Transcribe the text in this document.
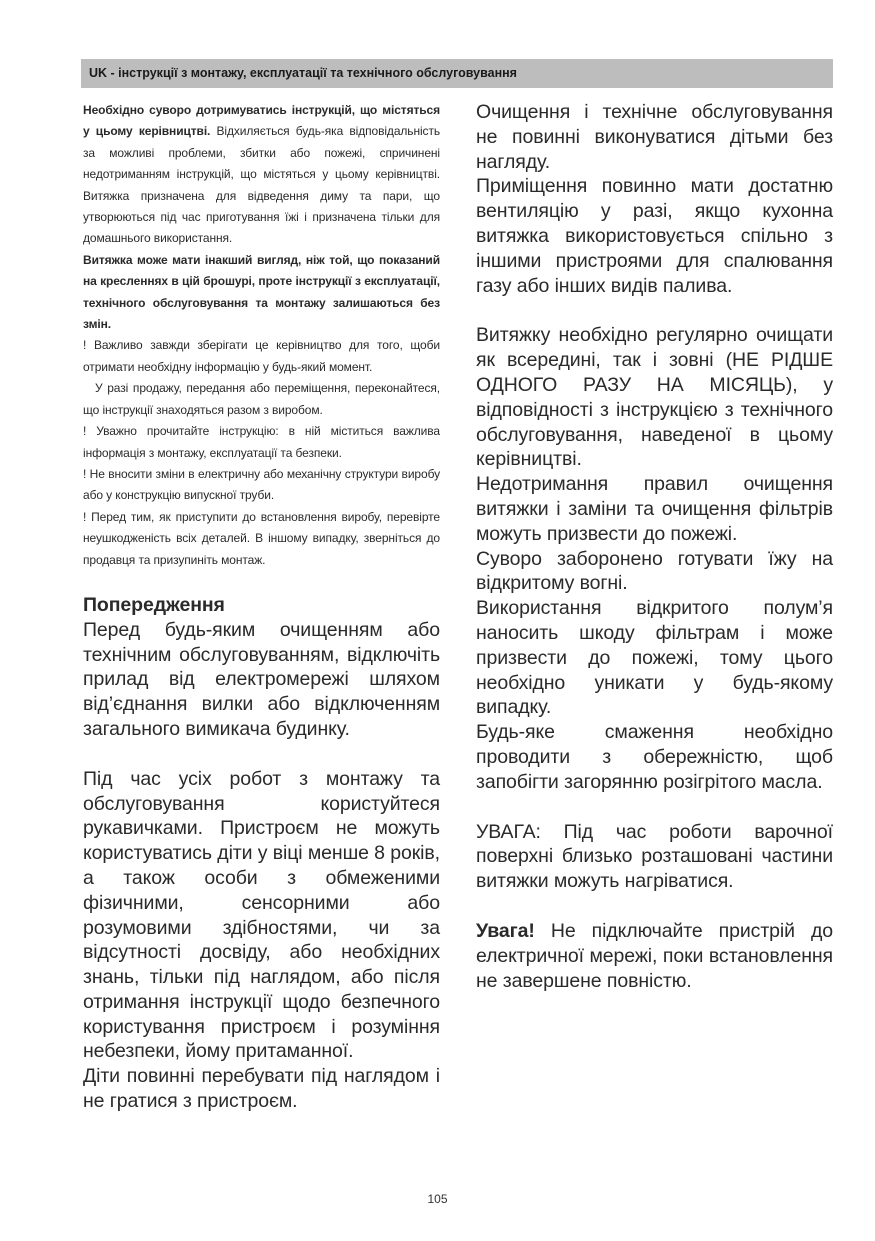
UK - інструкції з монтажу, експлуатації та технічного обслуговування

Необхідно суворо дотримуватись інструкцій, що містяться у цьому керівництві. Відхиляється будь-яка відповідальність за можливі проблеми, збитки або пожежі, спричинені недотриманням інструкцій, що містяться у цьому керівництві. Витяжка призначена для відведення диму та пари, що утворюються під час приготування їжі і призначена тільки для домашнього використання.

Витяжка може мати інакший вигляд, ніж той, що показаний на кресленнях в цій брошурі, проте інструкції з експлуатації, технічного обслуговування та монтажу залишаються без змін.

! Важливо завжди зберігати це керівництво для того, щоби отримати необхідну інформацію у будь-який момент.

У разі продажу, передання або переміщення, переконайтеся, що інструкції знаходяться разом з виробом.

! Уважно прочитайте інструкцію: в ній міститься важлива інформація з монтажу, експлуатації та безпеки.

! Не вносити зміни в електричну або механічну структури виробу або у конструкцію випускної труби.

! Перед тим, як приступити до встановлення виробу, перевірте неушкодженість всіх деталей. В іншому випадку, зверніться до продавця та призупиніть монтаж.

Попередження

Перед будь-яким очищенням або технічним обслуговуванням, відключіть прилад від електромережі шляхом від’єднання вилки або відключенням загального вимикача будинку.

Під час усіх робот з монтажу та обслуговування користуйтеся рукавичками. Пристроєм не можуть користуватись діти у віці менше 8 років, а також особи з обмеженими фізичними, сенсорними або розумовими здібностями, чи за відсутності досвіду, або необхідних знань, тільки під наглядом, або після отримання інструкції щодо безпечного користування пристроєм і розуміння небезпеки, йому притаманної.

Діти повинні перебувати під наглядом і не гратися з пристроєм.

Очищення і технічне обслуговування не повинні виконуватися дітьми без нагляду.

Приміщення повинно мати достатню вентиляцію у разі, якщо кухонна витяжка використовується спільно з іншими пристроями для спалювання газу або інших видів палива.

Витяжку необхідно регулярно очищати як всередині, так і зовні (НЕ РІДШЕ ОДНОГО РАЗУ НА МІСЯЦЬ), у відповідності з інструкцією з технічного обслуговування, наведеної в цьому керівництві.

Недотримання правил очищення витяжки і заміни та очищення фільтрів можуть призвести до пожежі.

Суворо заборонено готувати їжу на відкритому вогні.

Використання відкритого полум’я наносить шкоду фільтрам і може призвести до пожежі, тому цього необхідно уникати у будь-якому випадку.

Будь-яке смаження необхідно проводити з обережністю, щоб запобігти загорянню розігрітого масла.

УВАГА: Під час роботи варочної поверхні близько розташовані частини витяжки можуть нагріватися.

Увага! Не підключайте пристрій до електричної мережі, поки встановлення не завершене повністю.

105
